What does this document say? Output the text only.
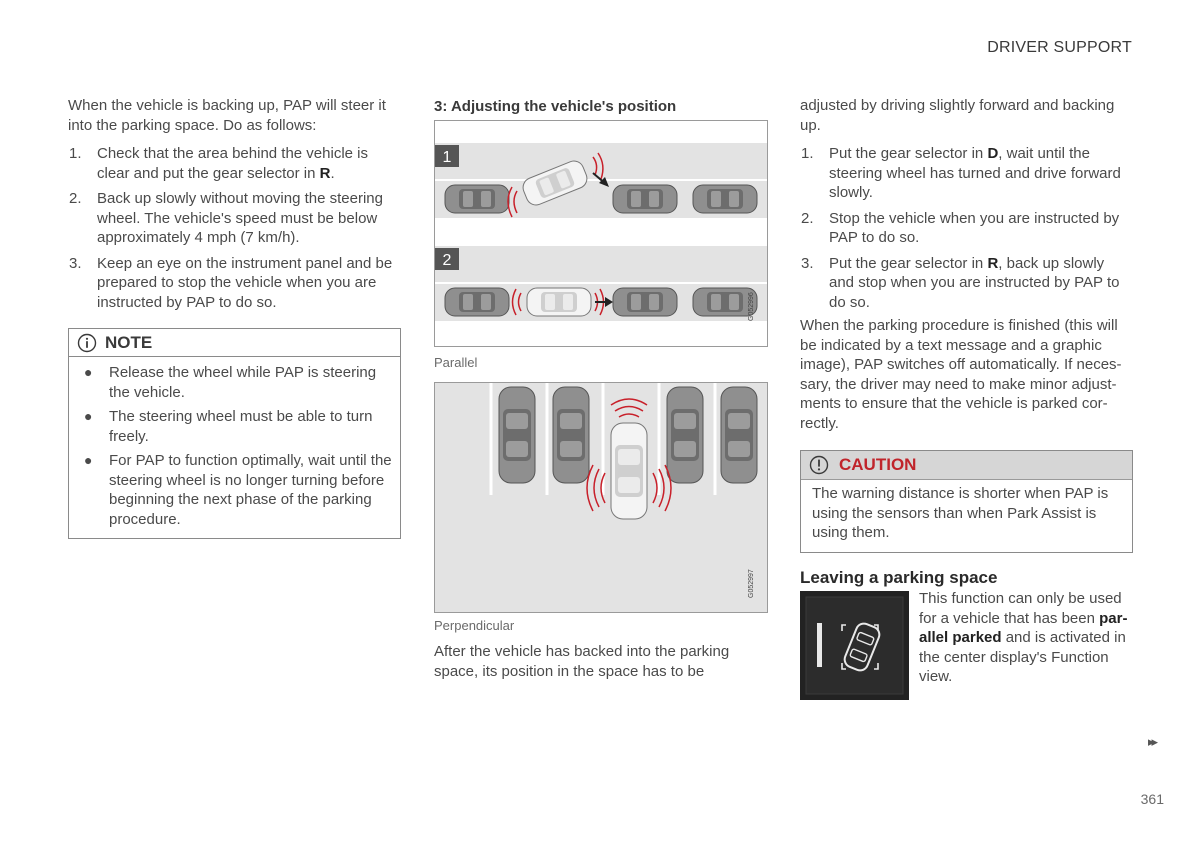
DRIVER SUPPORT

When the vehicle is backing up, PAP will steer it into the parking space. Do as follows:

1. Check that the area behind the vehicle is clear and put the gear selector in R.
2. Back up slowly without moving the steering wheel. The vehicle's speed must be below approximately 4 mph (7 km/h).
3. Keep an eye on the instrument panel and be prepared to stop the vehicle when you are instructed by PAP to do so.
NOTE
● Release the wheel while PAP is steering the vehicle.
● The steering wheel must be able to turn freely.
● For PAP to function optimally, wait until the steering wheel is no longer turning before beginning the next phase of the parking procedure.
3: Adjusting the vehicle's position
1
2
G052996
Parallel
G052997
Perpendicular
After the vehicle has backed into the parking space, its position in the space has to be

adjusted by driving slightly forward and backing up.

1. Put the gear selector in D, wait until the steering wheel has turned and drive forward slowly.
2. Stop the vehicle when you are instructed by PAP to do so.
3. Put the gear selector in R, back up slowly and stop when you are instructed by PAP to do so.

When the parking procedure is finished (this will be indicated by a text message and a graphic image), PAP switches off automatically. If neces-sary, the driver may need to make minor adjust-ments to ensure that the vehicle is parked cor-rectly.

CAUTION

The warning distance is shorter when PAP is using the sensors than when Park Assist is using them.

Leaving a parking space
This function can only be used for a vehicle that has been par-allel parked and is activated in the center display's Function view.
▸▸
361
